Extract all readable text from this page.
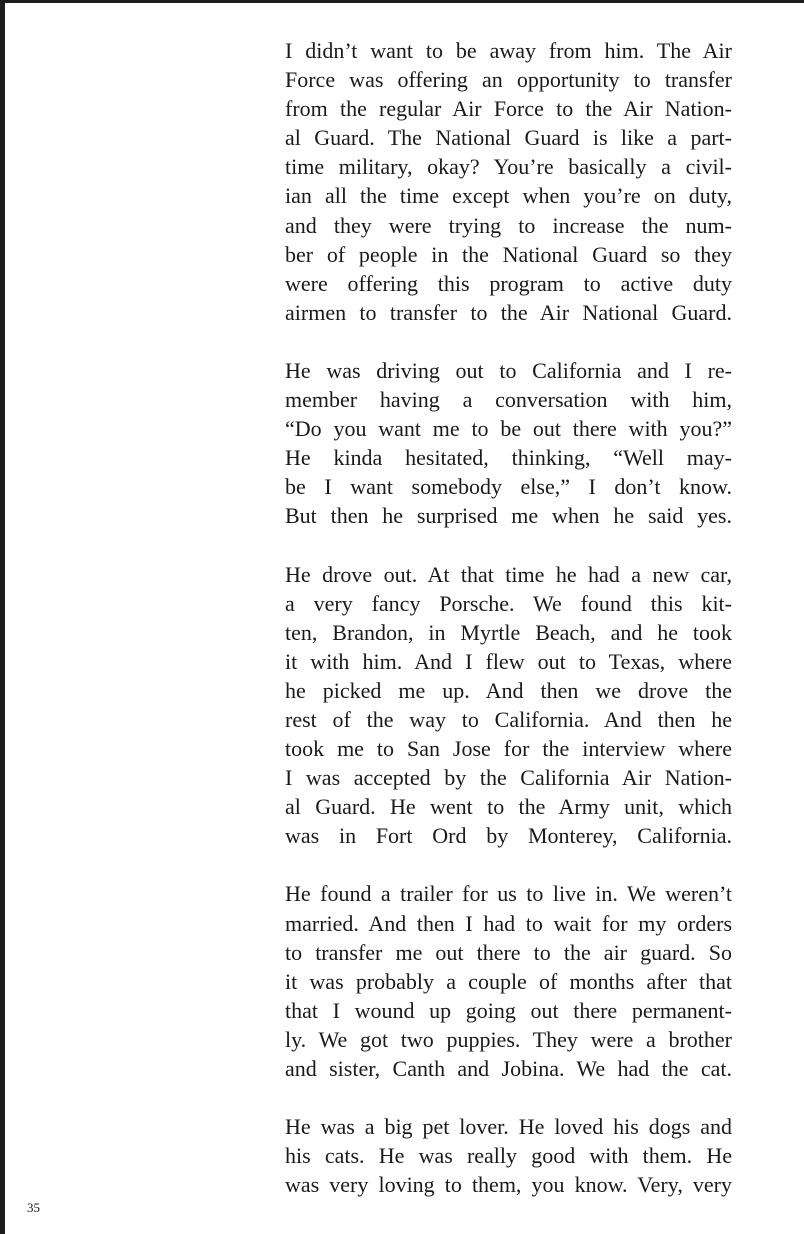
I didn’t want to be away from him. The Air
Force was offering an opportunity to transfer
from the regular Air Force to the Air Nation-
al Guard. The National Guard is like a part-
time military, okay? You’re basically a civil-
ian all the time except when you’re on duty,
and they were trying to increase the num-
ber of people in the National Guard so they
were offering this program to active duty
airmen to transfer to the Air National Guard.

He was driving out to California and I re-
member having a conversation with him,
“Do you want me to be out there with you?”
He kinda hesitated, thinking, “Well may-
be I want somebody else,” I don’t know.
But then he surprised me when he said yes.

He drove out. At that time he had a new car,
a very fancy Porsche. We found this kit-
ten, Brandon, in Myrtle Beach, and he took
it with him. And I flew out to Texas, where
he picked me up. And then we drove the
rest of the way to California. And then he
took me to San Jose for the interview where
I was accepted by the California Air Nation-
al Guard. He went to the Army unit, which
was in Fort Ord by Monterey, California.

He found a trailer for us to live in. We weren’t
married. And then I had to wait for my orders
to transfer me out there to the air guard. So
it was probably a couple of months after that
that I wound up going out there permanent-
ly. We got two puppies. They were a brother
and sister, Canth and Jobina. We had the cat.

He was a big pet lover. He loved his dogs and
his cats. He was really good with them. He
was very loving to them, you know. Very, very

35
